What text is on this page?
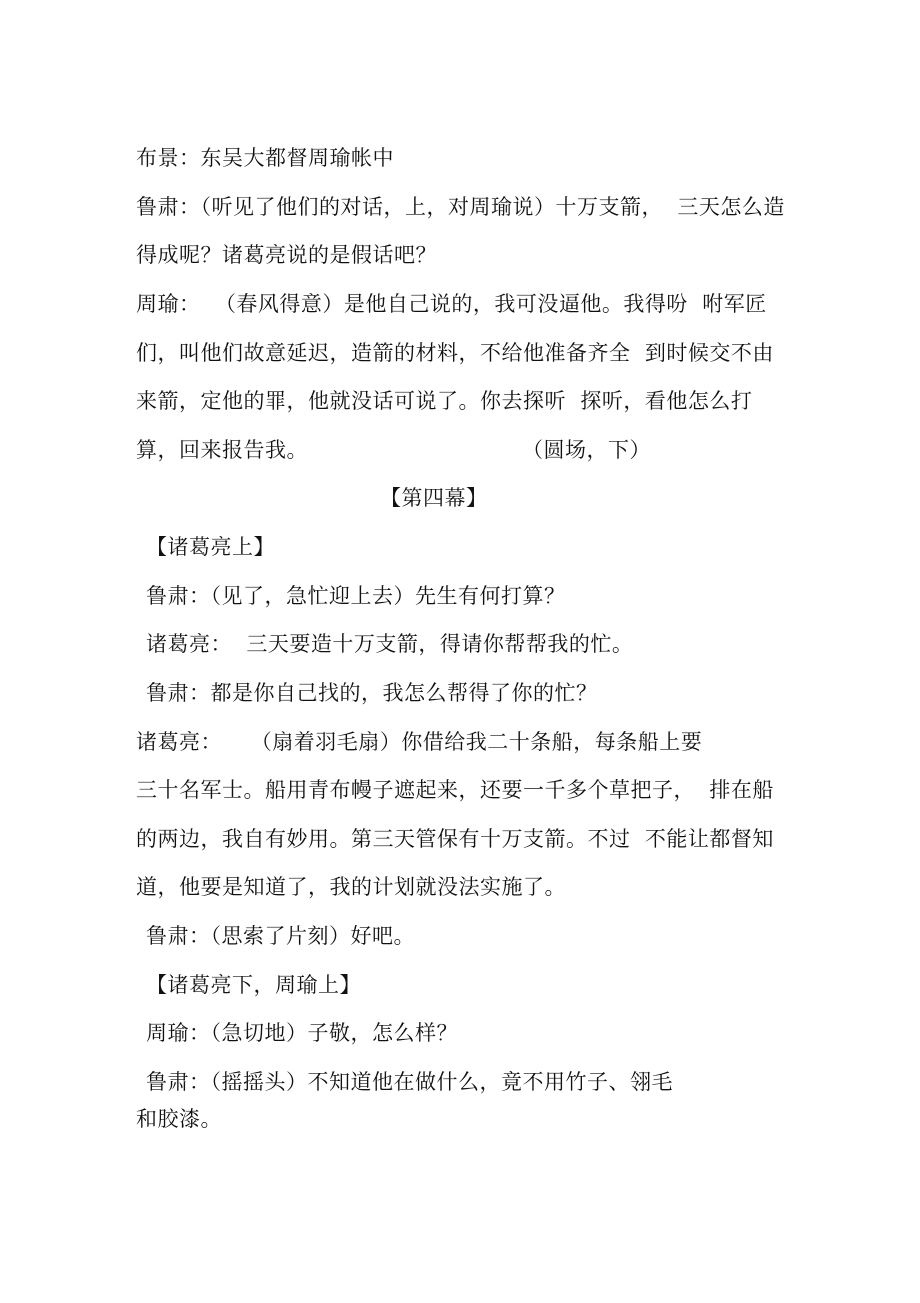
布景：东吴大都督周瑜帐中

鲁肃：（听见了他们的对话，上，对周瑜说）十万支箭，  三天怎么造

得成呢？诸葛亮说的是假话吧？

周瑜：  （春风得意）是他自己说的，我可没逼他。我得吩  咐军匠

们，叫他们故意延迟，造箭的材料，不给他准备齐全  到时候交不由

来箭，定他的罪，他就没话可说了。你去探听  探听，看他怎么打

算，回来报告我。	（圆场，下）

【第四幕】

【诸葛亮上】

鲁肃：（见了，急忙迎上去）先生有何打算？

诸葛亮：  三天要造十万支箭，得请你帮帮我的忙。

鲁肃：都是你自己找的，我怎么帮得了你的忙？

诸葛亮：    （扇着羽毛扇）你借给我二十条船，每条船上要

三十名军士。船用青布幔子遮起来，还要一千多个草把子，  排在船

的两边，我自有妙用。第三天管保有十万支箭。不过  不能让都督知

道，他要是知道了，我的计划就没法实施了。

鲁肃：（思索了片刻）好吧。

【诸葛亮下，周瑜上】

周瑜：（急切地）子敬，怎么样？

鲁肃：（摇摇头）不知道他在做什么，竟不用竹子、翎毛

和胶漆。
